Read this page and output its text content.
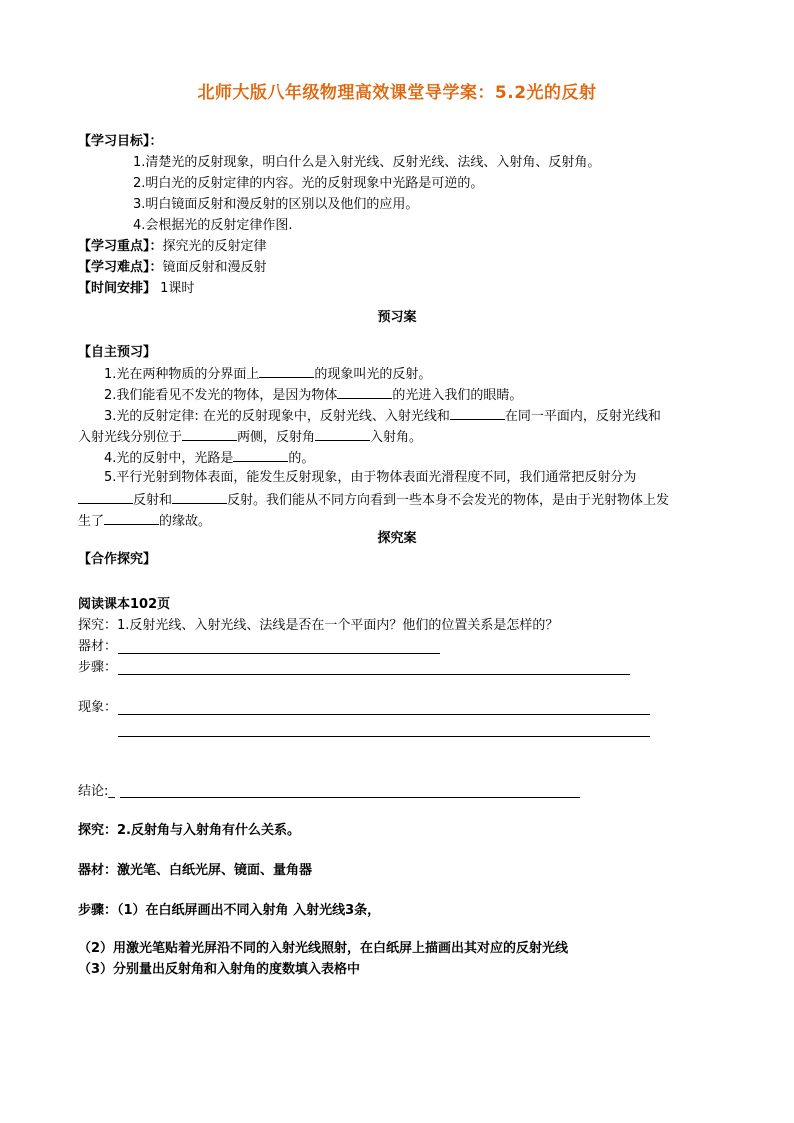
北师大版八年级物理高效课堂导学案：5.2光的反射
【学习目标】：
1.清楚光的反射现象，明白什么是入射光线、反射光线、法线、入射角、反射角。
2.明白光的反射定律的内容。光的反射现象中光路是可逆的。
3.明白镜面反射和漫反射的区别以及他们的应用。
4.会根据光的反射定律作图.
【学习重点】：探究光的反射定律
【学习难点】：镜面反射和漫反射
【时间安排】 1课时
预习案
【自主预习】
1.光在两种物质的分界面上	的现象叫光的反射。
2.我们能看见不发光的物体，是因为物体	的光进入我们的眼睛。
3.光的反射定律: 在光的反射现象中，反射光线、入射光线和	在同一平面内，反射光线和
入射光线分别位于	两侧，反射角	入射角。
4.光的反射中，光路是	的。
5.平行光射到物体表面，能发生反射现象，由于物体表面光滑程度不同，我们通常把反射分为
反射和	反射。我们能从不同方向看到一些本身不会发光的物体，是由于光射物体上发
生了	的缘故。
探究案
【合作探究】
阅读课本102页
探究：1.反射光线、入射光线、法线是否在一个平面内？他们的位置关系是怎样的？
器材：
步骤：
现象：
结论:_
探究：2.反射角与入射角有什么关系。
器材：激光笔、白纸光屏、镜面、量角器
步骤：（1）在白纸屏画出不同入射角 入射光线3条，
（2）用激光笔贴着光屏沿不同的入射光线照射，在白纸屏上描画出其对应的反射光线
（3）分别量出反射角和入射角的度数填入表格中
